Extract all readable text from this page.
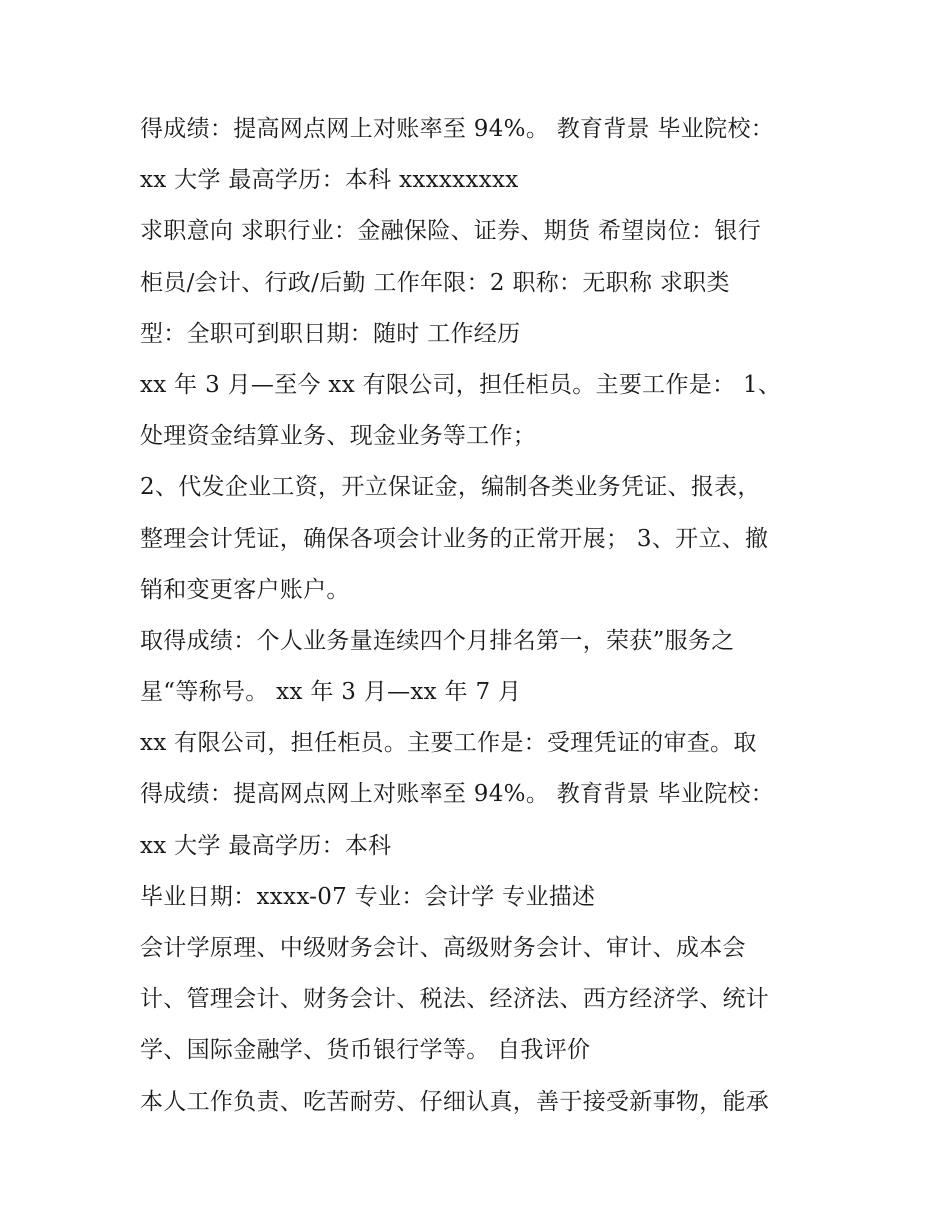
得成绩：提高网点网上对账率至 94%。 教育背景 毕业院校：
xx 大学 最高学历：本科 xxxxxxxxx
求职意向 求职行业：金融保险、证券、期货 希望岗位：银行
柜员/会计、行政/后勤 工作年限：2 职称：无职称 求职类
型：全职可到职日期：随时 工作经历
xx 年 3 月—至今 xx 有限公司，担任柜员。主要工作是： 1、
处理资金结算业务、现金业务等工作；
2、代发企业工资，开立保证金，编制各类业务凭证、报表，
整理会计凭证，确保各项会计业务的正常开展； 3、开立、撤
销和变更客户账户。
取得成绩：个人业务量连续四个月排名第一，荣获”服务之
星“等称号。 xx 年 3 月—xx 年 7 月
xx 有限公司，担任柜员。主要工作是：受理凭证的审查。取
得成绩：提高网点网上对账率至 94%。 教育背景 毕业院校：
xx 大学 最高学历：本科
毕业日期：xxxx-07 专业：会计学 专业描述
会计学原理、中级财务会计、高级财务会计、审计、成本会
计、管理会计、财务会计、税法、经济法、西方经济学、统计
学、国际金融学、货币银行学等。 自我评价
本人工作负责、吃苦耐劳、仔细认真，善于接受新事物，能承
